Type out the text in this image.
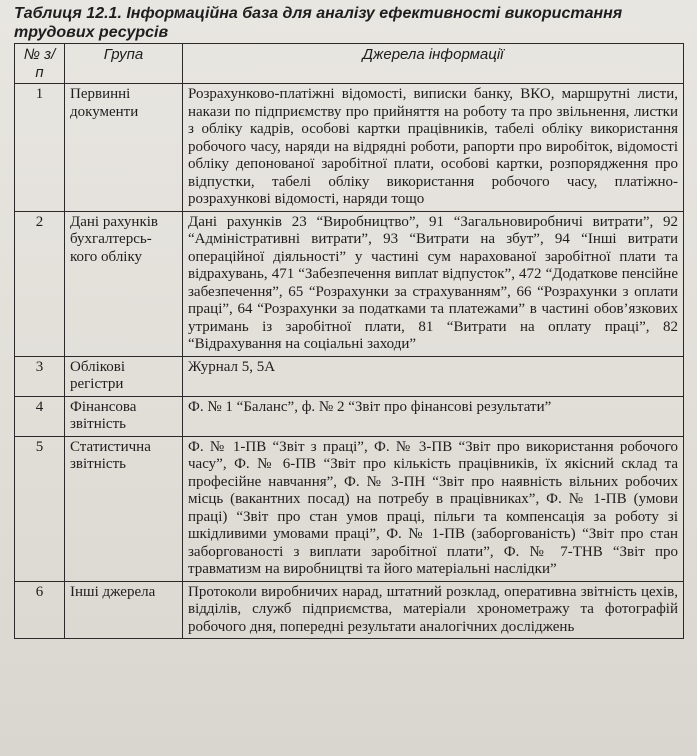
Таблиця 12.1. Інформаційна база для аналізу ефективності використання трудових ресурсів

№ з/п	Група	Джерела інформації
1	Первинні документи	Розрахунково-платіжні відомості, виписки банку, ВКО, маршрутні листи, накази по підприємству про прийняття на роботу та про звільнення, листки з обліку кадрів, особові картки працівників, табелі обліку використання робочого часу, наряди на відрядні роботи, рапорти про виробіток, відомості обліку депонованої заробітної плати, особові картки, розпорядження про відпустки, табелі обліку використання робочого часу, платіжно-розрахункові відомості, наряди тощо
2	Дані рахунків бухгалтерсь-кого обліку	Дані рахунків 23 “Виробництво”, 91 “Загальновиробничі витрати”, 92 “Адміністративні витрати”, 93 “Витрати на збут”, 94 “Інші витрати операційної діяльності” у частині сум нарахованої заробітної плати та відрахувань, 471 “Забезпечення виплат відпусток”, 472 “Додаткове пенсійне забезпечення”, 65 “Розрахунки за страхуванням”, 66 “Розрахунки з оплати праці”, 64 “Розрахунки за податками та платежами” в частині обов’язкових утримань із заробітної плати, 81 “Витрати на оплату праці”, 82 “Відрахування на соціальні заходи”
3	Облікові регістри	Журнал 5, 5А
4	Фінансова звітність	Ф. № 1 “Баланс”, ф. № 2 “Звіт про фінансові результати”
5	Статистична звітність	Ф. № 1-ПВ “Звіт з праці”, Ф. № 3-ПВ “Звіт про використання робочого часу”, Ф. № 6-ПВ “Звіт про кількість працівників, їх якісний склад та професійне навчання”, Ф. № 3-ПН “Звіт про наявність вільних робочих місць (вакантних посад) на потребу в працівниках”, Ф. № 1-ПВ (умови праці) “Звіт про стан умов праці, пільги та компенсація за роботу зі шкідливими умовами праці”, Ф. № 1-ПВ (заборгованість) “Звіт про стан заборгованості з виплати заробітної плати”, Ф. № 7-ТНВ “Звіт про травматизм на виробництві та його матеріальні наслідки”
6	Інші джерела	Протоколи виробничих нарад, штатний розклад, оперативна звітність цехів, відділів, служб підприємства, матеріали хронометражу та фотографій робочого дня, попередні результати аналогічних досліджень
